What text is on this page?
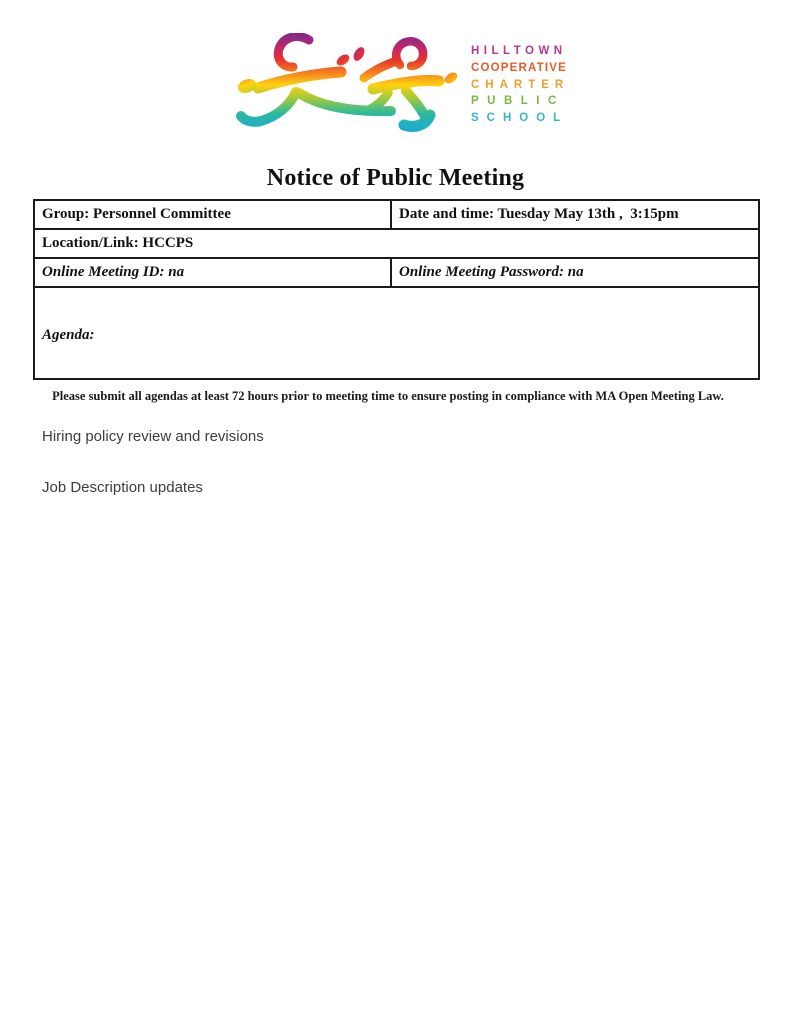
HILLTOWN
COOPERATIVE
CHARTER
PUBLIC
SCHOOL
Notice of Public Meeting
Group: Personnel Committee	Date and time: Tuesday May 13th ,  3:15pm
Location/Link: HCCPS
Online Meeting ID: na	Online Meeting Password: na

Agenda:

Hiring policy review and revisions

Job Description updates

Please submit all agendas at least 72 hours prior to meeting time to ensure posting in compliance with MA Open Meeting Law.
